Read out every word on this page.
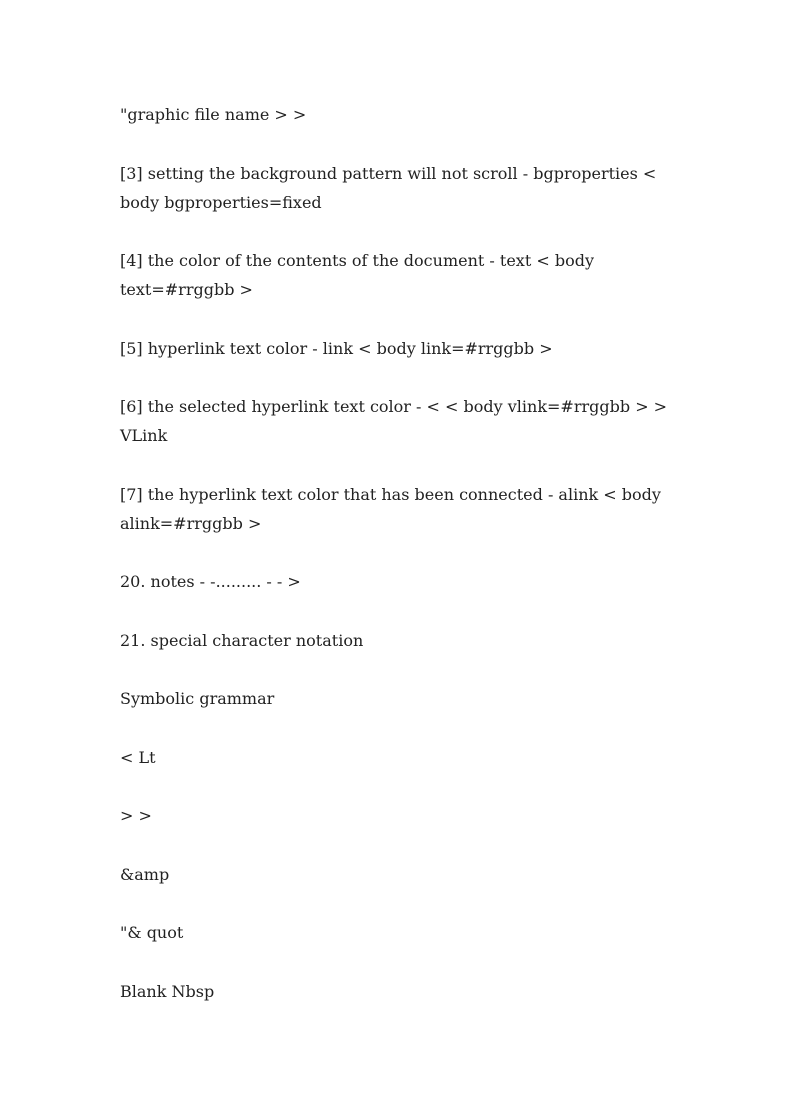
"graphic file name > >

[3] setting the background pattern will not scroll - bgproperties < body bgproperties=fixed

[4] the color of the contents of the document - text < body text=#rrggbb >

[5] hyperlink text color - link < body link=#rrggbb >

[6] the selected hyperlink text color - < < body vlink=#rrggbb > > VLink

[7] the hyperlink text color that has been connected - alink < body alink=#rrggbb >

20. notes - -......... - - >

21. special character notation

Symbolic grammar

< Lt

> >

&amp

"& quot

Blank Nbsp
